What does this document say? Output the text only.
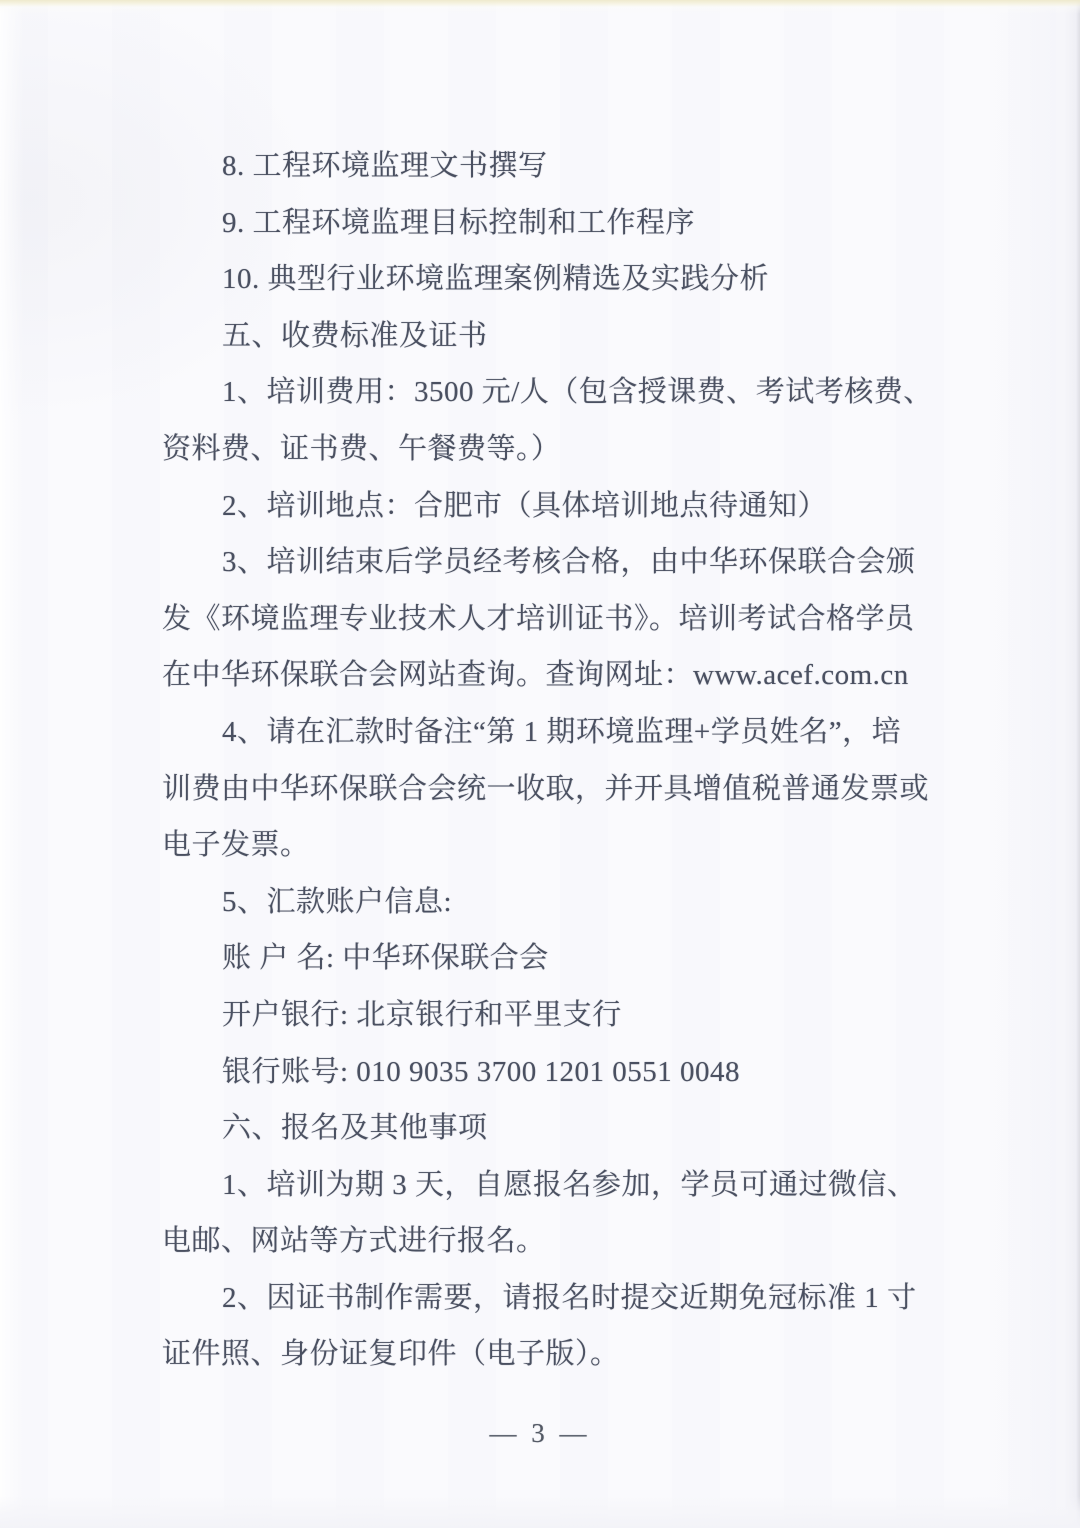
8. 工程环境监理文书撰写
9. 工程环境监理目标控制和工作程序
10. 典型行业环境监理案例精选及实践分析
五、收费标准及证书
1、培训费用：3500 元/人（包含授课费、考试考核费、
资料费、证书费、午餐费等。）
2、培训地点：合肥市（具体培训地点待通知）
3、培训结束后学员经考核合格，由中华环保联合会颁
发《环境监理专业技术人才培训证书》。培训考试合格学员
在中华环保联合会网站查询。查询网址：www.acef.com.cn
4、请在汇款时备注“第 1 期环境监理+学员姓名”，培
训费由中华环保联合会统一收取，并开具增值税普通发票或
电子发票。
5、汇款账户信息:
账 户 名: 中华环保联合会
开户银行: 北京银行和平里支行
银行账号: 010 9035 3700 1201 0551 0048
六、报名及其他事项
1、培训为期 3 天，自愿报名参加，学员可通过微信、
电邮、网站等方式进行报名。
2、因证书制作需要，请报名时提交近期免冠标准 1 寸
证件照、身份证复印件（电子版）。
— 3 —
